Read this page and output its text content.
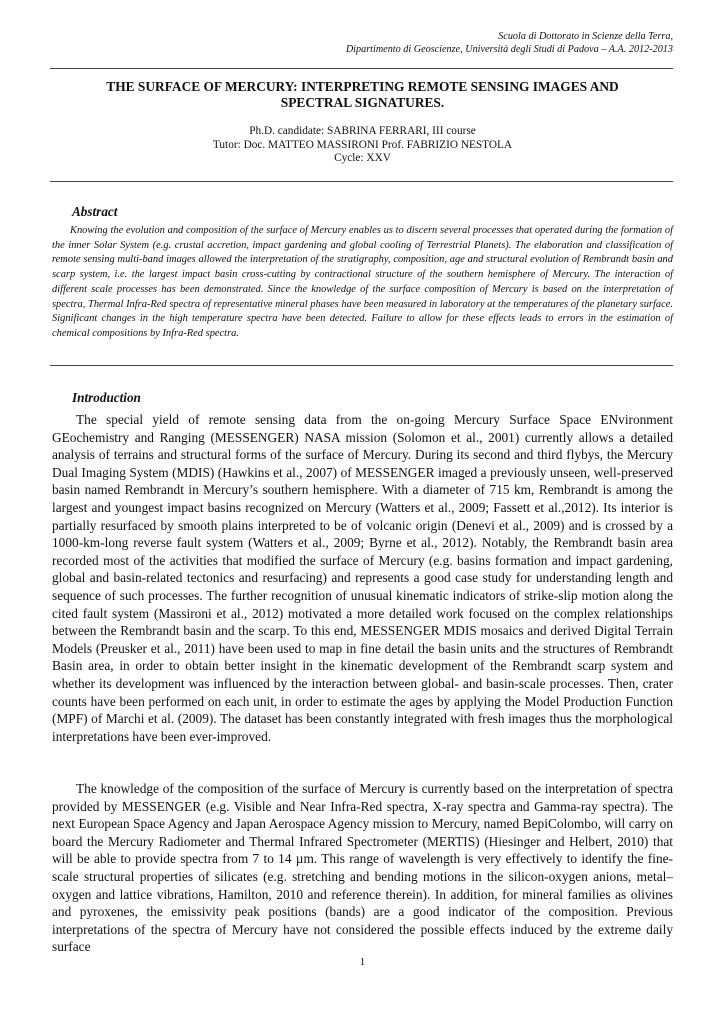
Scuola di Dottorato in Scienze della Terra,
Dipartimento di Geoscienze, Università degli Studi di Padova – A.A. 2012-2013
THE SURFACE OF MERCURY: INTERPRETING REMOTE SENSING IMAGES AND
SPECTRAL SIGNATURES.
Ph.D. candidate: SABRINA FERRARI, III course
Tutor: Doc. MATTEO MASSIRONI Prof. FABRIZIO NESTOLA
Cycle: XXV
Abstract

Knowing the evolution and composition of the surface of Mercury enables us to discern several processes that operated during the formation of the inner Solar System (e.g. crustal accretion, impact gardening and global cooling of Terrestrial Planets). The elaboration and classification of remote sensing multi-band images allowed the interpretation of the stratigraphy, composition, age and structural evolution of Rembrandt basin and scarp system, i.e. the largest impact basin cross-cutting by contractional structure of the southern hemisphere of Mercury. The interaction of different scale processes has been demonstrated. Since the knowledge of the surface composition of Mercury is based on the interpretation of spectra, Thermal Infra-Red spectra of representative mineral phases have been measured in laboratory at the temperatures of the planetary surface. Significant changes in the high temperature spectra have been detected. Failure to allow for these effects leads to errors in the estimation of chemical compositions by Infra-Red spectra.

Introduction

The special yield of remote sensing data from the on-going Mercury Surface Space ENvironment GEochemistry and Ranging (MESSENGER) NASA mission (Solomon et al., 2001) currently allows a detailed analysis of terrains and structural forms of the surface of Mercury. During its second and third flybys, the Mercury Dual Imaging System (MDIS) (Hawkins et al., 2007) of MESSENGER imaged a previously unseen, well-preserved basin named Rembrandt in Mercury’s southern hemisphere. With a diameter of 715 km, Rembrandt is among the largest and youngest impact basins recognized on Mercury (Watters et al., 2009; Fassett et al.,2012). Its interior is partially resurfaced by smooth plains interpreted to be of volcanic origin (Denevi et al., 2009) and is crossed by a 1000-km-long reverse fault system (Watters et al., 2009; Byrne et al., 2012). Notably, the Rembrandt basin area recorded most of the activities that modified the surface of Mercury (e.g. basins formation and impact gardening, global and basin-related tectonics and resurfacing) and represents a good case study for understanding length and sequence of such processes. The further recognition of unusual kinematic indicators of strike-slip motion along the cited fault system (Massironi et al., 2012) motivated a more detailed work focused on the complex relationships between the Rembrandt basin and the scarp. To this end, MESSENGER MDIS mosaics and derived Digital Terrain Models (Preusker et al., 2011) have been used to map in fine detail the basin units and the structures of Rembrandt Basin area, in order to obtain better insight in the kinematic development of the Rembrandt scarp system and whether its development was influenced by the interaction between global- and basin-scale processes. Then, crater counts have been performed on each unit, in order to estimate the ages by applying the Model Production Function (MPF) of Marchi et al. (2009). The dataset has been constantly integrated with fresh images thus the morphological interpretations have been ever-improved.

The knowledge of the composition of the surface of Mercury is currently based on the interpretation of spectra provided by MESSENGER (e.g. Visible and Near Infra-Red spectra, X-ray spectra and Gamma-ray spectra). The next European Space Agency and Japan Aerospace Agency mission to Mercury, named BepiColombo, will carry on board the Mercury Radiometer and Thermal Infrared Spectrometer (MERTIS) (Hiesinger and Helbert, 2010) that will be able to provide spectra from 7 to 14 µm. This range of wavelength is very effectively to identify the fine-scale structural properties of silicates (e.g. stretching and bending motions in the silicon-oxygen anions, metal–oxygen and lattice vibrations, Hamilton, 2010 and reference therein). In addition, for mineral families as olivines and pyroxenes, the emissivity peak positions (bands) are a good indicator of the composition. Previous interpretations of the spectra of Mercury have not considered the possible effects induced by the extreme daily surface

1
